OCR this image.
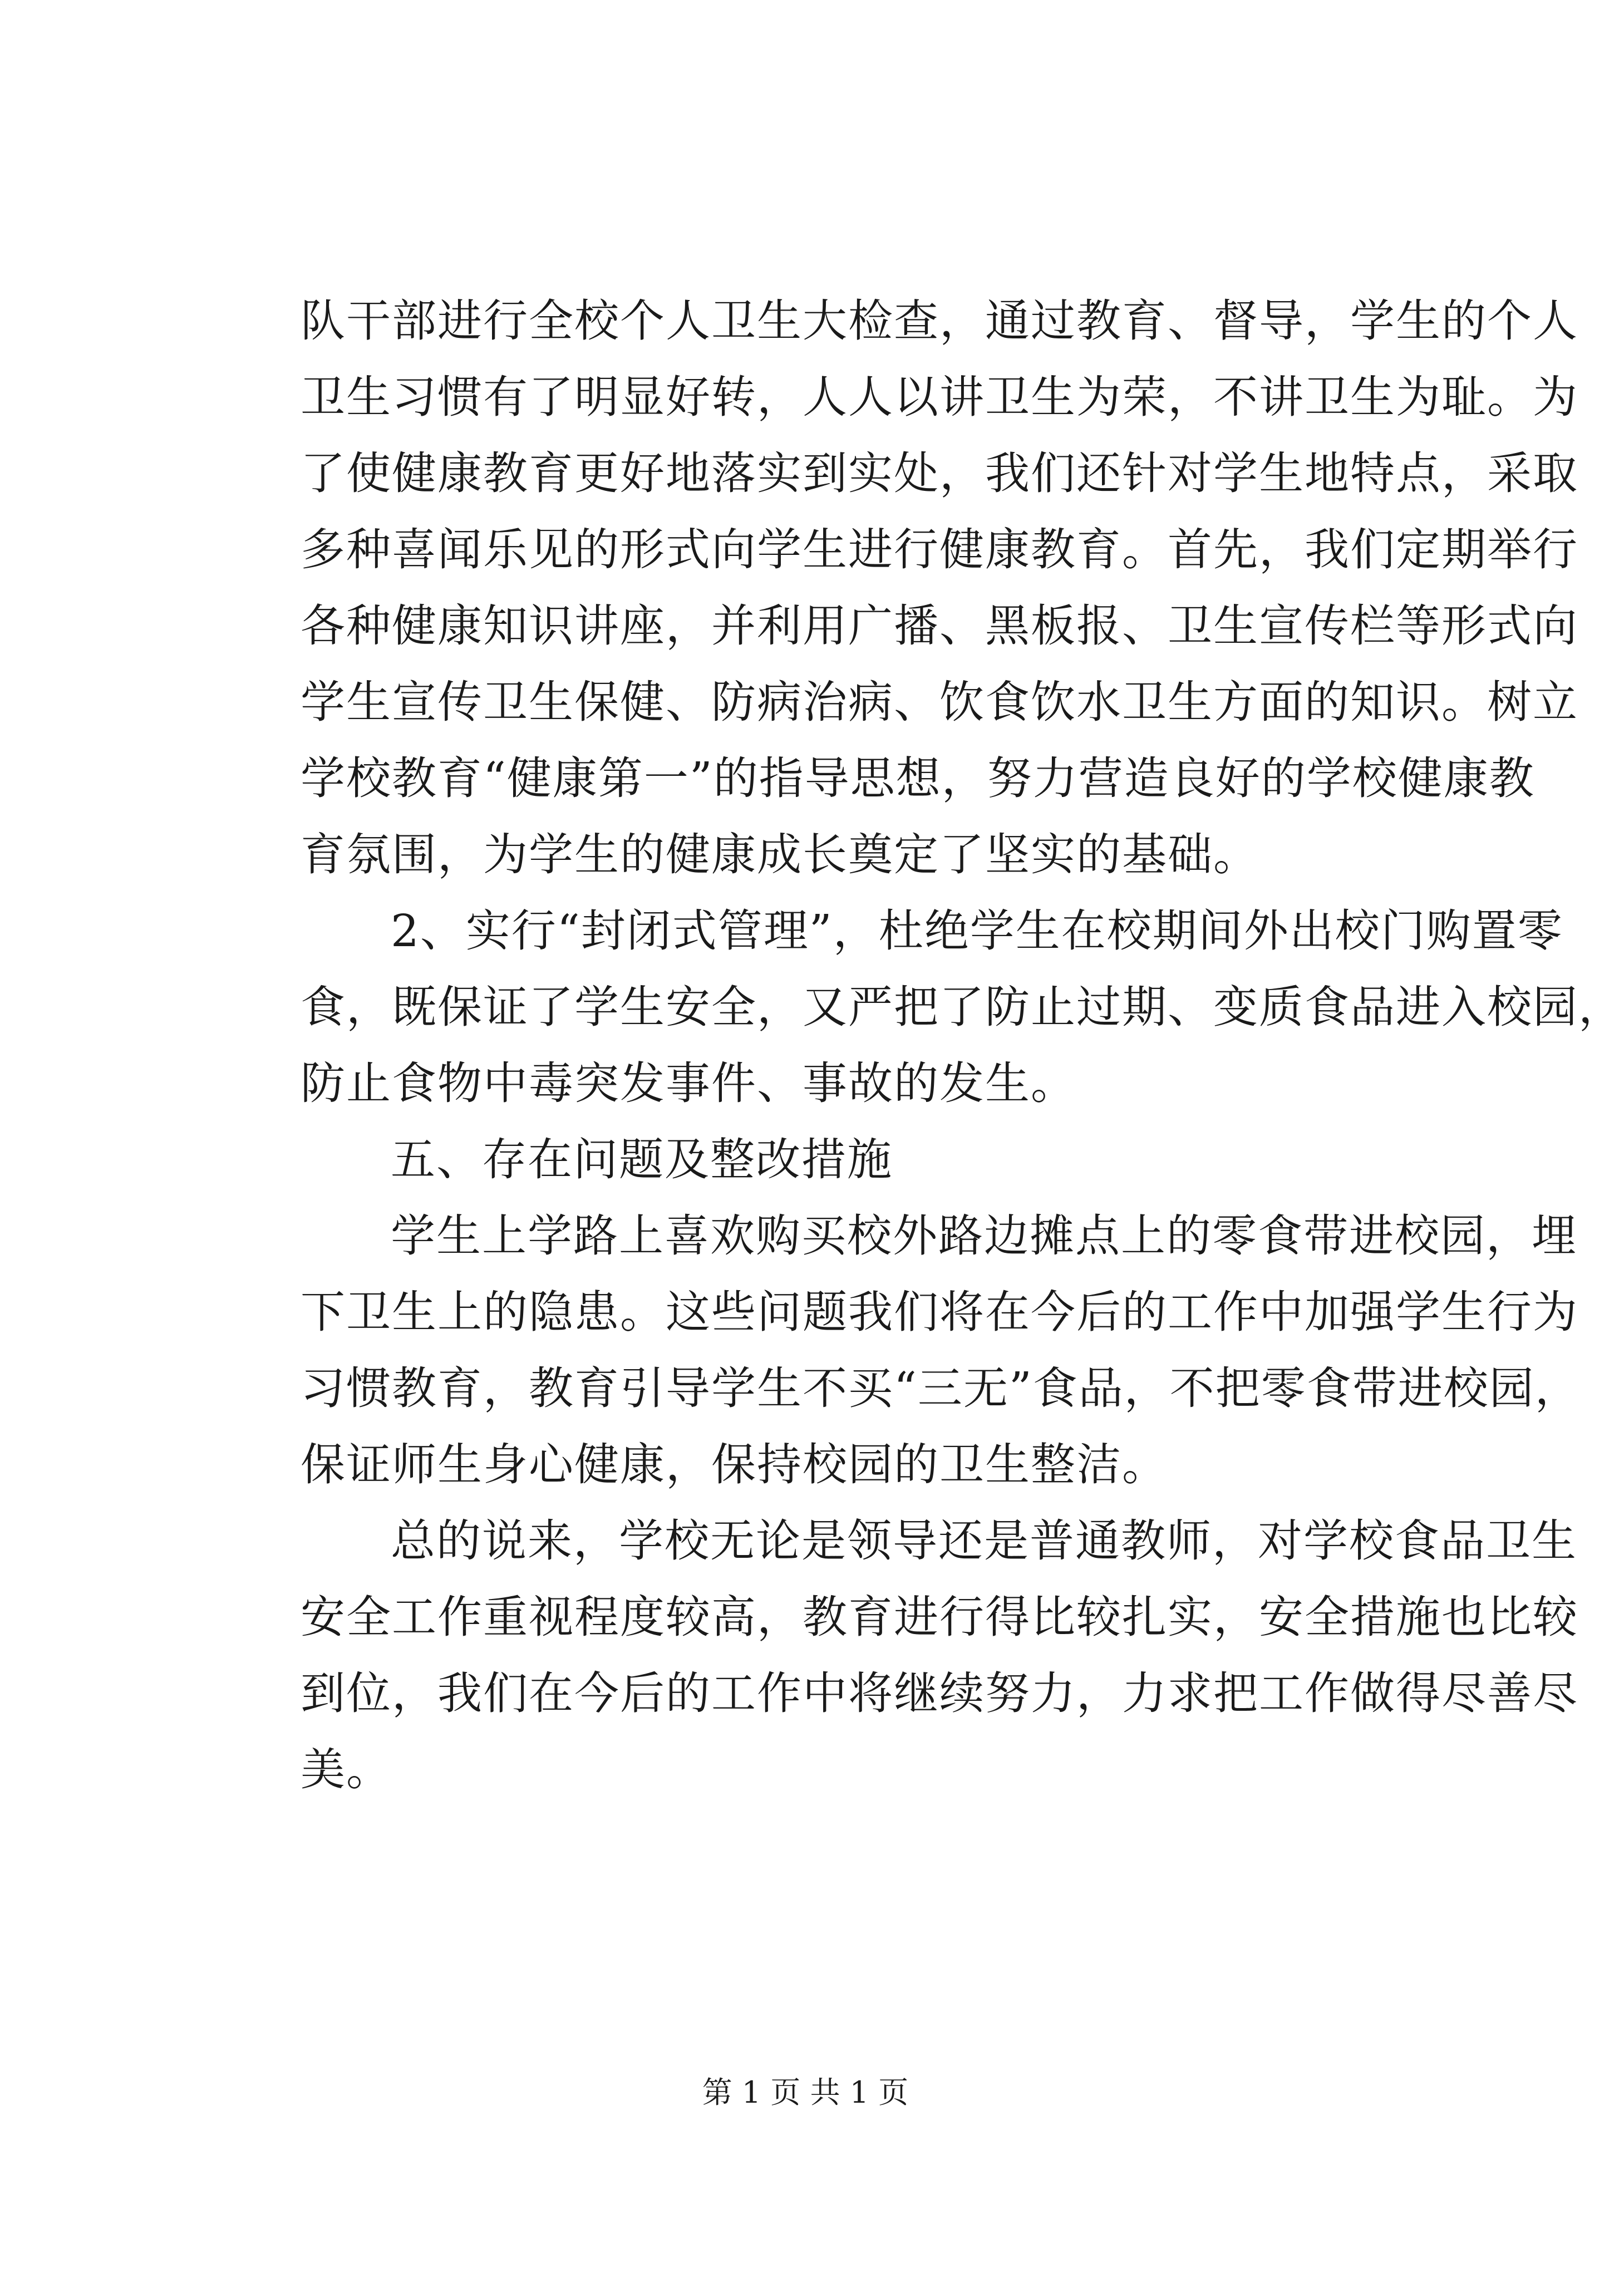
队干部进行全校个人卫生大检查，通过教育、督导，学生的个人
卫生习惯有了明显好转，人人以讲卫生为荣，不讲卫生为耻。为
了使健康教育更好地落实到实处，我们还针对学生地特点，采取
多种喜闻乐见的形式向学生进行健康教育。首先，我们定期举行
各种健康知识讲座，并利用广播、黑板报、卫生宣传栏等形式向
学生宣传卫生保健、防病治病、饮食饮水卫生方面的知识。树立
学校教育“健康第一”的指导思想，努力营造良好的学校健康教
育氛围，为学生的健康成长奠定了坚实的基础。
2、实行“封闭式管理”，杜绝学生在校期间外出校门购置零
食，既保证了学生安全，又严把了防止过期、变质食品进入校园，
防止食物中毒突发事件、事故的发生。
五、存在问题及整改措施
学生上学路上喜欢购买校外路边摊点上的零食带进校园，埋
下卫生上的隐患。这些问题我们将在今后的工作中加强学生行为
习惯教育，教育引导学生不买“三无”食品，不把零食带进校园，
保证师生身心健康，保持校园的卫生整洁。
总的说来，学校无论是领导还是普通教师，对学校食品卫生
安全工作重视程度较高，教育进行得比较扎实，安全措施也比较
到位，我们在今后的工作中将继续努力，力求把工作做得尽善尽
美。
第 1 页 共 1 页
